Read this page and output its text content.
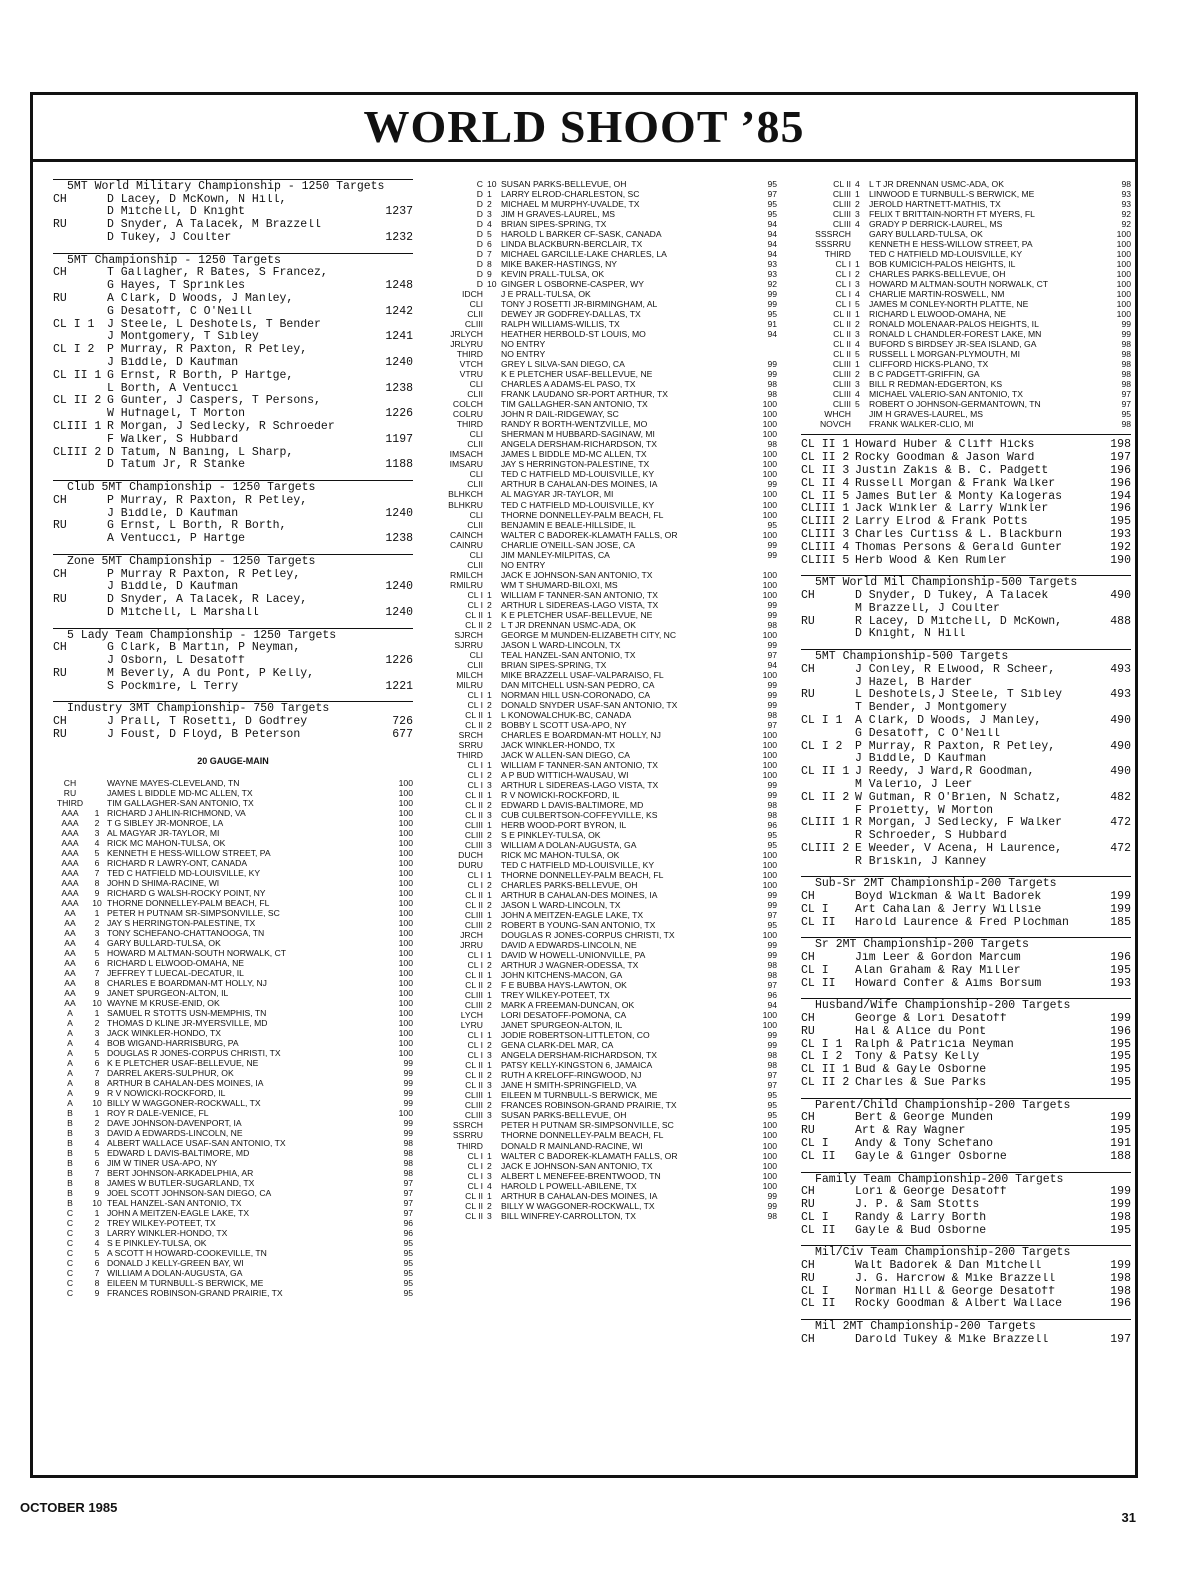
WORLD SHOOT ’85
5MT World Military Championship - 1250 Targets
CH	D Lacey, D McKown, N Hill,
D Mitchell, D Knight	1237
RU	D Snyder, A Talacek, M Brazzell
D Tukey, J Coulter	1232
5MT Championship - 1250 Targets
CH	T Gallagher, R Bates, S Francez,
G Hayes, T Sprinkles	1248
RU	A Clark, D Woods, J Manley,
G Desatoff, C O'Neill	1242
CL I 1	J Steele, L Deshotels, T Bender
J Montgomery, T Sibley	1241
CL I 2	P Murray, R Paxton, R Petley,
J Biddle, D Kaufman	1240
CL II 1 G Ernst, R Borth, P Hartge,
L Borth, A Ventucci	1238
CL II 2 G Gunter, J Caspers, T Persons,
W Hufnagel, T Morton	1226
CLIII 1 R Morgan, J Sedlecky, R Schroeder
F Walker, S Hubbard	1197
CLIII 2 D Tatum, N Baning, L Sharp,
D Tatum Jr, R Stanke	1188
Club 5MT Championship - 1250 Targets
CH	P Murray, R Paxton, R Petley,
J Biddle, D Kaufman	1240
RU	G Ernst, L Borth, R Borth,
A Ventucci, P Hartge	1238
Zone 5MT Championship - 1250 Targets
CH	P Murray R Paxton, R Petley,
J Biddle, D Kaufman	1240
RU	D Snyder, A Talacek, R Lacey,
D Mitchell, L Marshall	1240
5 Lady Team Championship - 1250 Targets
CH	G Clark, B Martin, P Neyman,
J Osborn, L Desatoff	1226
RU	M Beverly, A du Pont, P Kelly,
S Pockmire, L Terry	1221
Industry 3MT Championship- 750 Targets
CH	J Prall, T Rosetti, D Godfrey	726
RU	J Foust, D Floyd, B Peterson	677
20 GAUGE-MAIN
CH	WAYNE MAYES-CLEVELAND, TN	100
RU	JAMES L BIDDLE MD-MC ALLEN, TX	100
THIRD	TIM GALLAGHER-SAN ANTONIO, TX	100
AAA	1 RICHARD J AHLIN-RICHMOND, VA	100
AAA	2 T G SIBLEY JR-MONROE, LA	100
AAA	3 AL MAGYAR JR-TAYLOR, MI	100
AAA	4 RICK MC MAHON-TULSA, OK	100
AAA	5 KENNETH E HESS-WILLOW STREET, PA	100
AAA	6 RICHARD R LAWRY-ONT, CANADA	100
AAA	7 TED C HATFIELD MD-LOUISVILLE, KY	100
AAA	8 JOHN D SHIMA-RACINE, WI	100
AAA	9 RICHARD G WALSH-ROCKY POINT, NY	100
AAA	10 THORNE DONNELLEY-PALM BEACH, FL	100
AA	1 PETER H PUTNAM SR-SIMPSONVILLE, SC	100
AA	2 JAY S HERRINGTON-PALESTINE, TX	100
AA	3 TONY SCHEFANO-CHATTANOOGA, TN	100
AA	4 GARY BULLARD-TULSA, OK	100
AA	5 HOWARD M ALTMAN-SOUTH NORWALK, CT	100
AA	6 RICHARD L ELWOOD-OMAHA, NE	100
AA	7 JEFFREY T LUECAL-DECATUR, IL	100
AA	8 CHARLES E BOARDMAN-MT HOLLY, NJ	100
AA	9 JANET SPURGEON-ALTON, IL	100
AA	10 WAYNE M KRUSE-ENID, OK	100
A	1 SAMUEL R STOTTS USN-MEMPHIS, TN	100
A	2 THOMAS D KLINE JR-MYERSVILLE, MD	100
A	3 JACK WINKLER-HONDO, TX	100
A	4 BOB WIGAND-HARRISBURG, PA	100
A	5 DOUGLAS R JONES-CORPUS CHRISTI, TX	100
A	6 K E PLETCHER USAF-BELLEVUE, NE	99
A	7 DARREL AKERS-SULPHUR, OK	99
A	8 ARTHUR B CAHALAN-DES MOINES, IA	99
A	9 R V NOWICKI-ROCKFORD, IL	99
A	10 BILLY W WAGGONER-ROCKWALL, TX	99
B	1 ROY R DALE-VENICE, FL	100
B	2 DAVE JOHNSON-DAVENPORT, IA	99
B	3 DAVID A EDWARDS-LINCOLN, NE	99
B	4 ALBERT WALLACE USAF-SAN ANTONIO, TX	98
B	5 EDWARD L DAVIS-BALTIMORE, MD	98
B	6 JIM W TINER USA-APO, NY	98
B	7 BERT JOHNSON-ARKADELPHIA, AR	98
B	8 JAMES W BUTLER-SUGARLAND, TX	97
B	9 JOEL SCOTT JOHNSON-SAN DIEGO, CA	97
B	10 TEAL HANZEL-SAN ANTONIO, TX	97
C	1 JOHN A MEITZEN-EAGLE LAKE, TX	97
C	2 TREY WILKEY-POTEET, TX	96
C	3 LARRY WINKLER-HONDO, TX	96
C	4 S E PINKLEY-TULSA, OK	95
C	5 A SCOTT H HOWARD-COOKEVILLE, TN	95
C	6 DONALD J KELLY-GREEN BAY, WI	95
C	7 WILLIAM A DOLAN-AUGUSTA, GA	95
C	8 EILEEN M TURNBULL-S BERWICK, ME	95
C	9 FRANCES ROBINSON-GRAND PRAIRIE, TX	95
C 10 SUSAN PARKS-BELLEVUE, OH	95
D 1	LARRY ELROD-CHARLESTON, SC	97
D 2	MICHAEL M MURPHY-UVALDE, TX	95
D 3	JIM H GRAVES-LAUREL, MS	95
D 4	BRIAN SIPES-SPRING, TX	94
D 5	HAROLD L BARKER CF-SASK, CANADA	94
D 6	LINDA BLACKBURN-BERCLAIR, TX	94
D 7	MICHAEL GARCILLE-LAKE CHARLES, LA	94
D 8	MIKE BAKER-HASTINGS, NY	93
D 9	KEVIN PRALL-TULSA, OK	93
D 10 GINGER L OSBORNE-CASPER, WY	92
IDCH	J E PRALL-TULSA, OK	99
CLI	TONY J ROSETTI JR-BIRMINGHAM, AL	99
CLII	DEWEY JR GODFREY-DALLAS, TX	95
CLIII	RALPH WILLIAMS-WILLIS, TX	91
JRLYCH	HEATHER HERBOLD-ST LOUIS, MO	94
JRLYRU	NO ENTRY
THIRD	NO ENTRY
VTCH	GREY L SILVA-SAN DIEGO, CA	99
VTRU	K E PLETCHER USAF-BELLEVUE, NE	99
CLI	CHARLES A ADAMS-EL PASO, TX	98
CLII	FRANK LAUDANO SR-PORT ARTHUR, TX	98
COLCH	TIM GALLAGHER-SAN ANTONIO, TX	100
COLRU	JOHN R DAIL-RIDGEWAY, SC	100
THIRD	RANDY R BORTH-WENTZVILLE, MO	100
CLI	SHERMAN M HUBBARD-SAGINAW, MI	100
CLII	ANGELA DERSHAM-RICHARDSON, TX	98
IMSACH	JAMES L BIDDLE MD-MC ALLEN, TX	100
IMSARU	JAY S HERRINGTON-PALESTINE, TX	100
CLI	TED C HATFIELD MD-LOUISVILLE, KY	100
CLII	ARTHUR B CAHALAN-DES MOINES, IA	99
BLHKCH	AL MAGYAR JR-TAYLOR, MI	100
BLHKRU	TED C HATFIELD MD-LOUISVILLE, KY	100
CLI	THORNE DONNELLEY-PALM BEACH, FL	100
CLII	BENJAMIN E BEALE-HILLSIDE, IL	95
CAINCH	WALTER C BADOREK-KLAMATH FALLS, OR	100
CAINRU	CHARLIE O'NEILL-SAN JOSE, CA	99
CLI	JIM MANLEY-MILPITAS, CA	99
CLII	NO ENTRY
RMILCH	JACK E JOHNSON-SAN ANTONIO, TX	100
RMILRU	WM T SHUMARD-BILOXI, MS	100
CL I 1	WILLIAM F TANNER-SAN ANTONIO, TX	100
CL I 2	ARTHUR L SIDEREAS-LAGO VISTA, TX	99
CL II 1	K E PLETCHER USAF-BELLEVUE, NE	99
CL II 2	L T JR DRENNAN USMC-ADA, OK	98
SJRCH	GEORGE M MUNDEN-ELIZABETH CITY, NC	100
SJRRU	JASON L WARD-LINCOLN, TX	99
CLI	TEAL HANZEL-SAN ANTONIO, TX	97
CLII	BRIAN SIPES-SPRING, TX	94
MILCH	MIKE BRAZZELL USAF-VALPARAISO, FL	100
MILRU	DAN MITCHELL USN-SAN PEDRO, CA	99
CL I 1	NORMAN HILL USN-CORONADO, CA	99
CL I 2	DONALD SNYDER USAF-SAN ANTONIO, TX	99
CL II 1	L KONOWALCHUK-BC, CANADA	98
CL II 2	BOBBY L SCOTT USA-APO, NY	97
SRCH	CHARLES E BOARDMAN-MT HOLLY, NJ	100
SRRU	JACK WINKLER-HONDO, TX	100
THIRD	JACK W ALLEN-SAN DIEGO, CA	100
CL I 1	WILLIAM F TANNER-SAN ANTONIO, TX	100
CL I 2	A P BUD WITTICH-WAUSAU, WI	100
CL I 3	ARTHUR L SIDEREAS-LAGO VISTA, TX	99
CL II 1	R V NOWICKI-ROCKFORD, IL	99
CL II 2	EDWARD L DAVIS-BALTIMORE, MD	98
CL II 3	CUB CULBERTSON-COFFEYVILLE, KS	98
CLIII 1	HERB WOOD-PORT BYRON, IL	96
CLIII 2	S E PINKLEY-TULSA, OK	95
CLIII 3	WILLIAM A DOLAN-AUGUSTA, GA	95
DUCH	RICK MC MAHON-TULSA, OK	100
DURU	TED C HATFIELD MD-LOUISVILLE, KY	100
CL I 1	THORNE DONNELLEY-PALM BEACH, FL	100
CL I 2	CHARLES PARKS-BELLEVUE, OH	100
CL II 1	ARTHUR B CAHALAN-DES MOINES, IA	99
CL II 2	JASON L WARD-LINCOLN, TX	99
CLIII 1	JOHN A MEITZEN-EAGLE LAKE, TX	97
CLIII 2	ROBERT B YOUNG-SAN ANTONIO, TX	95
JRCH	DOUGLAS R JONES-CORPUS CHRISTI, TX	100
JRRU	DAVID A EDWARDS-LINCOLN, NE	99
CL I 1	DAVID W HOWELL-UNIONVILLE, PA	99
CL I 2	ARTHUR J WAGNER-ODESSA, TX	98
CL II 1	JOHN KITCHENS-MACON, GA	98
CL II 2	F E BUBBA HAYS-LAWTON, OK	97
CLIII 1	TREY WILKEY-POTEET, TX	96
CLIII 2	MARK A FREEMAN-DUNCAN, OK	94
LYCH	LORI DESATOFF-POMONA, CA	100
LYRU	JANET SPURGEON-ALTON, IL	100
CL I 1	JODIE ROBERTSON-LITTLETON, CO	99
CL I 2	GENA CLARK-DEL MAR, CA	99
CL I 3	ANGELA DERSHAM-RICHARDSON, TX	98
CL II 1	PATSY KELLY-KINGSTON 6, JAMAICA	98
CL II 2	RUTH A KRELOFF-RINGWOOD, NJ	97
CL II 3	JANE H SMITH-SPRINGFIELD, VA	97
CLIII 1	EILEEN M TURNBULL-S BERWICK, ME	95
CLIII 2	FRANCES ROBINSON-GRAND PRAIRIE, TX	95
CLIII 3	SUSAN PARKS-BELLEVUE, OH	95
SSRCH	PETER H PUTNAM SR-SIMPSONVILLE, SC	100
SSRRU	THORNE DONNELLEY-PALM BEACH, FL	100
THIRD	DONALD R MAINLAND-RACINE, WI	100
CL I 1	WALTER C BADOREK-KLAMATH FALLS, OR	100
CL I 2	JACK E JOHNSON-SAN ANTONIO, TX	100
CL I 3	ALBERT L MENEFEE-BRENTWOOD, TN	100
CL I 4	HAROLD L POWELL-ABILENE, TX	100
CL II 1	ARTHUR B CAHALAN-DES MOINES, IA	99
CL II 2	BILLY W WAGGONER-ROCKWALL, TX	99
CL II 3	BILL WINFREY-CARROLLTON, TX	98
CL II 4	L T JR DRENNAN USMC-ADA, OK	98
CLIII 1	LINWOOD E TURNBULL-S BERWICK, ME	93
CLIII 2	JEROLD HARTNETT-MATHIS, TX	93
CLIII 3	FELIX T BRITTAIN-NORTH FT MYERS, FL	92
CLIII 4	GRADY P DERRICK-LAUREL, MS	92
SSSRCH	GARY BULLARD-TULSA, OK	100
SSSRRU	KENNETH E HESS-WILLOW STREET, PA	100
THIRD	TED C HATFIELD MD-LOUISVILLE, KY	100
CL I 1	BOB KUMICICH-PALOS HEIGHTS, IL	100
CL I 2	CHARLES PARKS-BELLEVUE, OH	100
CL I 3	HOWARD M ALTMAN-SOUTH NORWALK, CT	100
CL I 4	CHARLIE MARTIN-ROSWELL, NM	100
CL I 5	JAMES M CONLEY-NORTH PLATTE, NE	100
CL II 1	RICHARD L ELWOOD-OMAHA, NE	100
CL II 2	RONALD MOLENAAR-PALOS HEIGHTS, IL	99
CL II 3	RONALD L CHANDLER-FOREST LAKE, MN	99
CL II 4	BUFORD S BIRDSEY JR-SEA ISLAND, GA	98
CL II 5	RUSSELL L MORGAN-PLYMOUTH, MI	98
CLIII 1	CLIFFORD HICKS-PLANO, TX	98
CLIII 2	B C PADGETT-GRIFFIN, GA	98
CLIII 3	BILL R REDMAN-EDGERTON, KS	98
CLIII 4	MICHAEL VALERIO-SAN ANTONIO, TX	97
CLIII 5	ROBERT O JOHNSON-GERMANTOWN, TN	97
WHCH	JIM H GRAVES-LAUREL, MS	95
NOVCH	FRANK WALKER-CLIO, MI	98
CL II 1 Howard Huber & Cliff Hicks	198
CL II 2 Rocky Goodman & Jason Ward	197
CL II 3 Justin Zakis & B. C. Padgett	196
CL II 4 Russell Morgan & Frank Walker	196
CL II 5 James Butler & Monty Kalogeras	194
CLIII 1 Jack Winkler & Larry Winkler	196
CLIII 2 Larry Elrod & Frank Potts	195
CLIII 3 Charles Curtiss & L. Blackburn	193
CLIII 4 Thomas Persons & Gerald Gunter	192
CLIII 5 Herb Wood & Ken Rumler	190
5MT World Mil Championship-500 Targets
CH	D Snyder, D Tukey, A Talacek	490
M Brazzell, J Coulter
RU	R Lacey, D Mitchell, D McKown,	488
D Knight, N Hill
5MT Championship-500 Targets
CH	J Conley, R Elwood, R Scheer,	493
J Hazel, B Harder
RU	L Deshotels,J Steele, T Sibley	493
T Bender, J Montgomery
CL I 1	A Clark, D Woods, J Manley,	490
G Desatoff, C O'Neill
CL I 2	P Murray, R Paxton, R Petley,	490
J Biddle, D Kaufman
CL II 1 J Reedy, J Ward,R Goodman,	490
M Valerio, J Leer
CL II 2 W Gutman, R O'Brien, N Schatz,	482
F Proietty, W Morton
CLIII 1 R Morgan, J Sedlecky, F Walker	472
R Schroeder, S Hubbard
CLIII 2 E Weeder, V Acena, H Laurence,	472
R Briskin, J Kanney
Sub-Sr 2MT Championship-200 Targets
CH	Boyd Wickman & Walt Badorek	199
CL I	Art Cahalan & Jerry Willsie	199
CL II	Harold Laurence & Fred Plochman	185
Sr 2MT Championship-200 Targets
CH	Jim Leer & Gordon Marcum	196
CL I	Alan Graham & Ray Miller	195
CL II	Howard Confer & Aims Borsum	193
Husband/Wife Championship-200 Targets
CH	George & Lori Desatoff	199
RU	Hal & Alice du Pont	196
CL I 1	Ralph & Patricia Neyman	195
CL I 2	Tony & Patsy Kelly	195
CL II 1 Bud & Gayle Osborne	195
CL II 2 Charles & Sue Parks	195
Parent/Child Championship-200 Targets
CH	Bert & George Munden	199
RU	Art & Ray Wagner	195
CL I	Andy & Tony Schefano	191
CL II	Gayle & Ginger Osborne	188
Family Team Championship-200 Targets
CH	Lori & George Desatoff	199
RU	J. P. & Sam Stotts	199
CL I	Randy & Larry Borth	198
CL II	Gayle & Bud Osborne	195
Mil/Civ Team Championship-200 Targets
CH	Walt Badorek & Dan Mitchell	199
RU	J. G. Harcrow & Mike Brazzell	198
CL I	Norman Hill & George Desatoff	198
CL II	Rocky Goodman & Albert Wallace	196
Mil 2MT Championship-200 Targets
CH	Darold Tukey & Mike Brazzell	197
OCTOBER 1985
31
